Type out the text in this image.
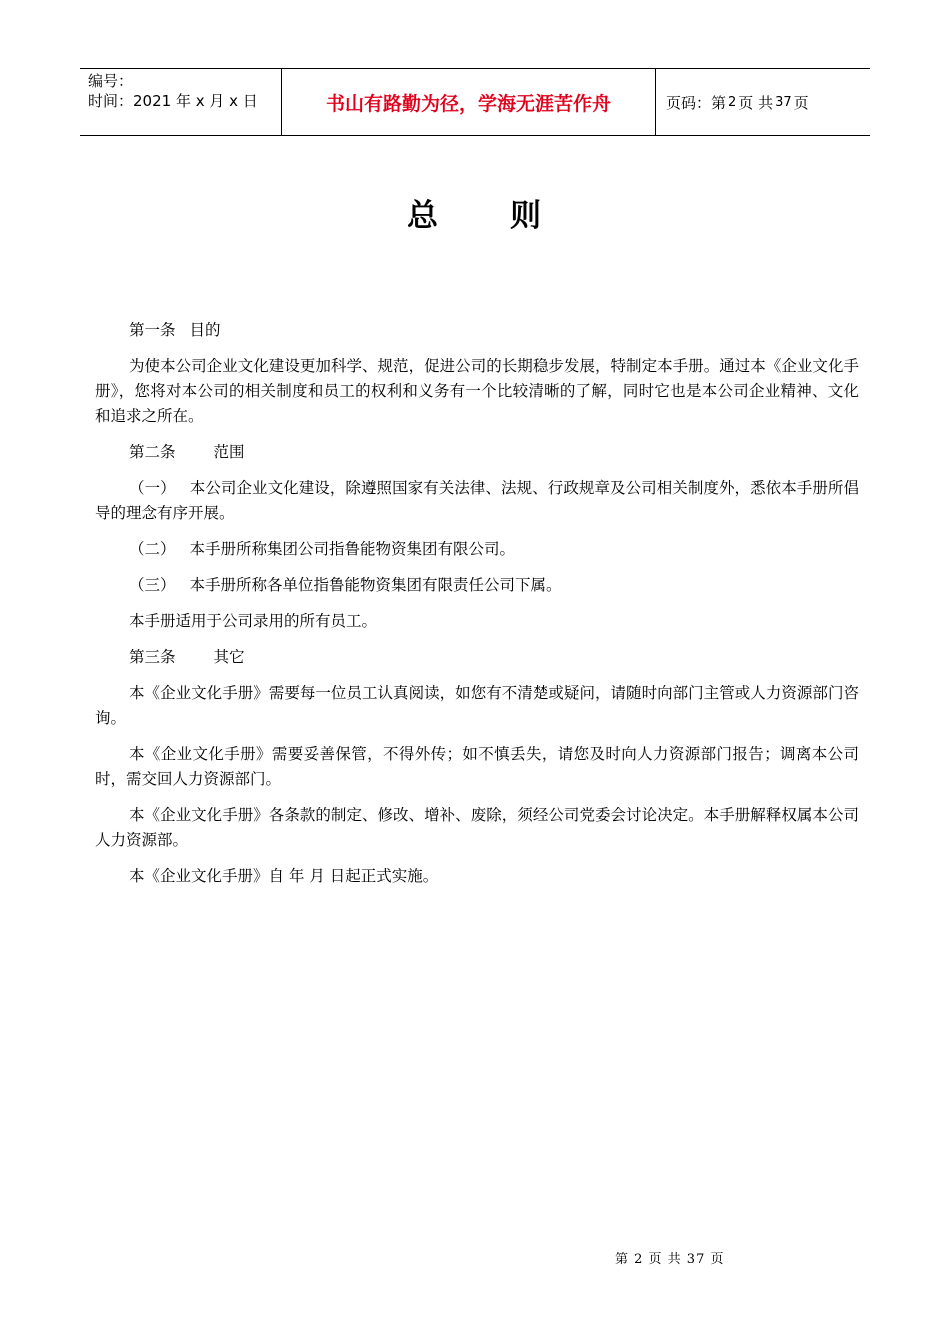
编号：
时间：2021 年 x 月 x 日	书山有路勤为径，学海无涯苦作舟	页码：第 2 页 共 37 页
总 则

第一条 目的

为使本公司企业文化建设更加科学、规范，促进公司的长期稳步发展，特制定本手册。通过本《企业文化手册》，您将对本公司的相关制度和员工的权利和义务有一个比较清晰的了解，同时它也是本公司企业精神、文化和追求之所在。

第二条 范围

（一） 本公司企业文化建设，除遵照国家有关法律、法规、行政规章及公司相关制度外，悉依本手册所倡导的理念有序开展。

（二） 本手册所称集团公司指鲁能物资集团有限公司。

（三） 本手册所称各单位指鲁能物资集团有限责任公司下属。

本手册适用于公司录用的所有员工。

第三条 其它

本《企业文化手册》需要每一位员工认真阅读，如您有不清楚或疑问，请随时向部门主管或人力资源部门咨询。

本《企业文化手册》需要妥善保管，不得外传；如不慎丢失，请您及时向人力资源部门报告；调离本公司时，需交回人力资源部门。

本《企业文化手册》各条款的制定、修改、增补、废除，须经公司党委会讨论决定。本手册解释权属本公司人力资源部。

本《企业文化手册》自 年 月 日起正式实施。

第 2 页 共 37 页
